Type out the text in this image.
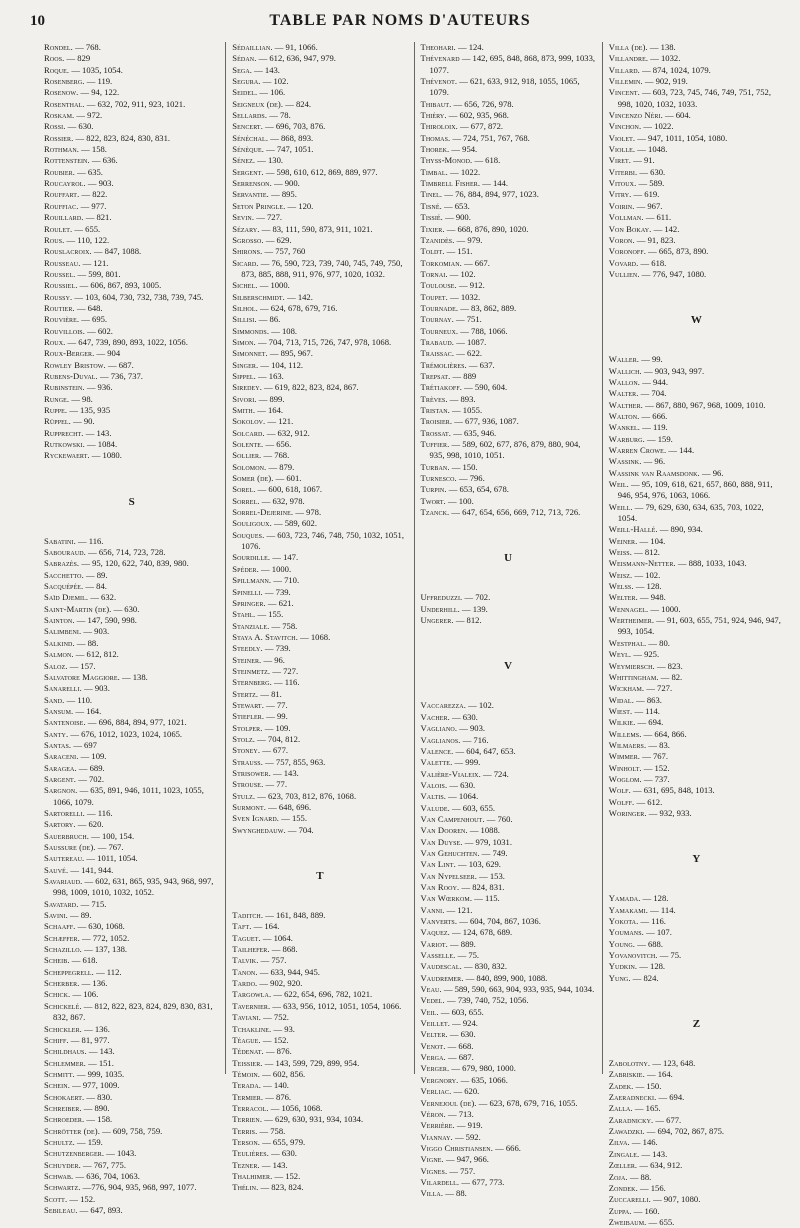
10	TABLE PAR NOMS D'AUTEURS
Rondel. — 768.
Roos. — 829
Roque. — 1035, 1054.
Rosenberg. — 119.
Rosenow. — 94, 122.
Rosenthal. — 632, 702, 911, 923, 1021.
Roskam. — 972.
Rossi. — 630.
Rossier. — 822, 823, 824, 830, 831.
Rothman. — 158.
Rottenstein. — 636.
Roubier. — 635.
Roucayrol. — 903.
Rouffart. — 822.
Rouffiac. — 977.
Rouillard. — 821.
Roulet. — 655.
Rous. — 110, 122.
Rouslacroix. — 847, 1088.
Rousseau. — 121.
Roussel. — 599, 801.
Roussiel. — 606, 867, 893, 1005.
Roussy. — 103, 604, 730, 732, 738, 739, 745.
Routier. — 648.
Rouvière. — 695.
Rouvillois. — 602.
Roux. — 647, 739, 890, 893, 1022, 1056.
Roux-Berger. — 904
Rowley Bristow. — 687.
Rubens-Duval. — 736, 737.
Rubinstein. — 936.
Runge. — 98.
Ruppe. — 135, 935
Rüppel. — 90.
Rupprecht. — 143.
Rutkowski. — 1084.
Ryckewaert. — 1080.
S
Sabatini. — 116.
Sabouraud. — 656, 714, 723, 728.
Sabrazès. — 95, 120, 622, 740, 839, 980.
Sacchetto. — 89.
Sacquépée. — 84.
Saïd Djemil. — 632.
Saint-Martin (de). — 630.
Sainton. — 147, 590, 998.
Salimbeni. — 903.
Salkind. — 88.
Salmon. — 612, 812.
Saloz. — 157.
Salvatore Maggiore. — 138.
Sanarelli. — 903.
Sand. — 110.
Sansum. — 164.
Santenoise. — 696, 884, 894, 977, 1021.
Santy. — 676, 1012, 1023, 1024, 1065.
Santas. — 697
Saraceni. — 109.
Saragea. — 689.
Sargent. — 702.
Sargnon. — 635, 891, 946, 1011, 1023, 1055, 1066, 1079.
Sartorelli. — 116.
Sartory. — 620.
Sauerbruch. — 100, 154.
Saussure (de). — 767.
Sautereau. — 1011, 1054.
Sauvé. — 141, 944.
Savariaud. — 602, 631, 865, 935, 943, 968, 997, 998, 1009, 1010, 1032, 1052.
Savatard. — 715.
Savini. — 89.
Schaaff. — 630, 1068.
Schæffer. — 772, 1052.
Schazillo. — 137, 138.
Scheib. — 618.
Scheppegrell. — 112.
Scherber. — 136.
Schick. — 106.
Schickelé. — 812, 822, 823, 824, 829, 830, 831, 832, 867.
Schickler. — 136.
Schiff. — 81, 977.
Schildhaus. — 143.
Schlemmer. — 151.
Schmitt. — 999, 1035.
Schein. — 977, 1009.
Schokaert. — 830.
Schreiber. — 890.
Schroeder. — 158.
Schrötter (de). — 609, 758, 759.
Schultz. — 159.
Schutzenberger. — 1043.
Schuyder. — 767, 775.
Schwab. — 636, 704, 1063.
Schwartz. —776, 904, 935, 968, 997, 1077.
Scott. — 152.
Sebileau. — 647, 893.
Sédaillian. — 91, 1066.
Sédan. — 612, 636, 947, 979.
Sega. — 143.
Segura. — 102.
Seidel. — 106.
Seigneux (de). — 824.
Sellards. — 78.
Sencert. — 696, 703, 876.
Sénéchal. — 868, 893.
Sénèque. — 747, 1051.
Sénez. — 130.
Sergent. — 598, 610, 612, 869, 889, 977.
Serrenson. — 900.
Servantie. — 895.
Seton Pringle. — 120.
Sevin. — 727.
Sézary. — 83, 111, 590, 873, 911, 1021.
Sgrosso. — 629.
Shirons. — 757, 760
Sicard. — 76, 590, 723, 739, 740, 745, 749, 750, 873, 885, 888, 911, 976, 977, 1020, 1032.
Sichel. — 1000.
Silberschmidt. — 142.
Silhol. — 624, 678, 679, 716.
Sillisi. — 86.
Simmonds. — 108.
Simon. — 704, 713, 715, 726, 747, 978, 1068.
Simonnet. — 895, 967.
Singer. — 104, 112.
Sippel. — 163.
Siredey. — 619, 822, 823, 824, 867.
Sivori. — 899.
Smith. — 164.
Sokolov. — 121.
Solcard. — 632, 912.
Solente. — 656.
Sollier. — 768.
Solomon. — 879.
Somer (de). — 601.
Sorel. — 600, 618, 1067.
Sorrel. — 632, 978.
Sorrel-Dejerine. — 978.
Souligoux. — 589, 602.
Souques. — 603, 723, 746, 748, 750, 1032, 1051, 1076.
Sourdille. — 147.
Spéder. — 1000.
Spillmann. — 710.
Spinelli. — 739.
Springer. — 621.
Stahl. — 155.
Stanziale. — 758.
Staya A. Stavitch. — 1068.
Steedly. — 739.
Steiner. — 96.
Steinmetz. — 727.
Sternberg. — 116.
Stertz. — 81.
Stewart. — 77.
Stiefler. — 99.
Stolper. — 109.
Stolz. — 704, 812.
Stoney. — 677.
Strauss. — 757, 855, 963.
Strisower. — 143.
Strouse. — 77.
Stulz. — 623, 703, 812, 876, 1068.
Surmont. — 648, 696.
Sven Ignard. — 155.
Swynghedauw. — 704.
T
Taditch. — 161, 848, 889.
Taft. — 164.
Taguet. — 1064.
Tailhefer. — 868.
Talvik. — 757.
Tanon. — 633, 944, 945.
Tardo. — 902, 920.
Targowla. — 622, 654, 696, 782, 1021.
Tavernier. — 633, 956, 1012, 1051, 1054, 1066.
Taviani. — 752.
Tchakline. — 93.
Téague. — 152.
Tédenat. — 876.
Teissier. — 143, 599, 729, 899, 954.
Témoin. — 602, 856.
Terada. — 140.
Termier. — 876.
Terracol. — 1056, 1068.
Terrien. — 629, 630, 931, 934, 1034.
Terris. — 758.
Terson. — 655, 979.
Teulières. — 630.
Tezner. — 143.
Thalhimer. — 152.
Thélin. — 823, 824.
Theohari. — 124.
Thévenard — 142, 695, 848, 868, 873, 999, 1033, 1077.
Thévenot. — 621, 633, 912, 918, 1055, 1065, 1079.
Thibaut. — 656, 726, 978.
Thiéry. — 602, 935, 968.
Thiroloix. — 677, 872.
Thomas. — 724, 751, 767, 768.
Thorek. — 954.
Thyss-Monod. — 618.
Timbal. — 1022.
Timbrell Fisher. — 144.
Tinel. — 76, 884, 894, 977, 1023.
Tisné. — 653.
Tissié. — 900.
Tixier. — 668, 876, 890, 1020.
Tzanidès. — 979.
Toldt. — 151.
Torkomian. — 667.
Tornai. — 102.
Toulouse. — 912.
Toupet. — 1032.
Tournade. — 83, 862, 889.
Tournay. — 751.
Tourneux. — 788, 1066.
Trabaud. — 1087.
Traissac. — 622.
Trémolières. — 637.
Trepsat. — 889
Trétiakoff. — 590, 604.
Trèves. — 893.
Tristan. — 1055.
Troisier. — 677, 936, 1087.
Trossat. — 635, 946.
Tuffier. — 589, 602, 677, 876, 879, 880, 904, 935, 998, 1010, 1051.
Turban. — 150.
Turnesco. — 796.
Turpin. — 653, 654, 678.
Twort. — 100.
Tzanck. — 647, 654, 656, 669, 712, 713, 726.
U
Uffreduzzi. — 702.
Underhill. — 139.
Ungerer. — 812.
V
Vaccarezza. — 102.
Vacher. — 630.
Vagliano. — 903.
Vaglianos. — 716.
Valence. — 604, 647, 653.
Valette. — 999.
Valière-Vialeix. — 724.
Valois. — 630.
Valtis. — 1064.
Valude. — 603, 655.
Van Campenhout. — 760.
Van Dooren. — 1088.
Van Duyse. — 979, 1031.
Van Gehuchten. — 749.
Van Lint. — 103, 629.
Van Nypelseer. — 153.
Van Rooy. — 824, 831.
Van Wœrkom. — 115.
Vanni. — 121.
Vanverts. — 604, 704, 867, 1036.
Vaquez. — 124, 678, 689.
Variot. — 889.
Vasselle. — 75.
Vaudescal. — 830, 832.
Vaudremer. — 840, 899, 900, 1088.
Veau. — 589, 590, 663, 904, 933, 935, 944, 1034.
Vedel. — 739, 740, 752, 1056.
Veil. — 603, 655.
Veillet. — 924.
Velter. — 630.
Venot. — 668.
Verga. — 687.
Verger. — 679, 980, 1000.
Vergnory. — 635, 1066.
Verliac. — 620.
Vernejoul (de). — 623, 678, 679, 716, 1055.
Véron. — 713.
Verrière. — 919.
Viannay. — 592.
Viggo Christiansen. — 666.
Vigne. — 947, 966.
Vignes. — 757.
Vilardell. — 677, 773.
Villa. — 88.
Villa (de). — 138.
Villandre. — 1032.
Villard. — 874, 1024, 1079.
Villemin. — 902, 919.
Vincent. — 603, 723, 745, 746, 749, 751, 752, 998, 1020, 1032, 1033.
Vincenzo Néri. — 604.
Vinchon. — 1022.
Violet. — 947, 1011, 1054, 1080.
Violle. — 1048.
Viret. — 91.
Viterbi. — 630.
Vitoux. — 589.
Vitry. — 619.
Voirin. — 967.
Vollman. — 611.
Von Bokay. — 142.
Voron. — 91, 823.
Voronoff. — 665, 873, 890.
Vovard. — 618.
Vullien. — 776, 947, 1080.
W
Waller. — 99.
Wallich. — 903, 943, 997.
Wallon. — 944.
Walter. — 704.
Walther. — 867, 880, 967, 968, 1009, 1010.
Walton. — 666.
Wankel. — 119.
Warburg. — 159.
Warren Crowe. — 144.
Wassink. — 96.
Wassink van Raamsdonk. — 96.
Weil. — 95, 109, 618, 621, 657, 860, 888, 911, 946, 954, 976, 1063, 1066.
Weill. — 79, 629, 630, 634, 635, 703, 1022, 1054.
Weill-Hallé. — 890, 934.
Weiner. — 104.
Weiss. — 812.
Weismann-Netter. — 888, 1033, 1043.
Weisz. — 102.
Welss. — 128.
Welter. — 948.
Wennagel. — 1000.
Wertheimer. — 91, 603, 655, 751, 924, 946, 947, 993, 1054.
Westphal. — 80.
Weyl. — 925.
Weymiersch. — 823.
Whittingham. — 82.
Wickham. — 727.
Widal. — 863.
Wiest. — 114.
Wilkie. — 694.
Willems. — 664, 866.
Wilmaers. — 83.
Wimmer. — 767.
Winholt. — 152.
Woglom. — 737.
Wolf. — 631, 695, 848, 1013.
Wolff. — 612.
Woringer. — 932, 933.
Y
Yamada. — 128.
Yamakami. — 114.
Yokota. — 116.
Youmans. — 107.
Young. — 688.
Yovanovitch. — 75.
Yudkin. — 128.
Yung. — 824.
Z
Zabolotny. — 123, 648.
Zabriskie. — 164.
Zadek. — 150.
Zaeradnecki. — 694.
Zalla. — 165.
Zaradnicky. — 677.
Zawadzki. — 694, 702, 867, 875.
Zilva. — 146.
Zingale. — 143.
Zœller. — 634, 912.
Zoja. — 88.
Zondek. — 156.
Zuccarelli. — 907, 1080.
Zuppa. — 160.
Zweibaum. — 655.
